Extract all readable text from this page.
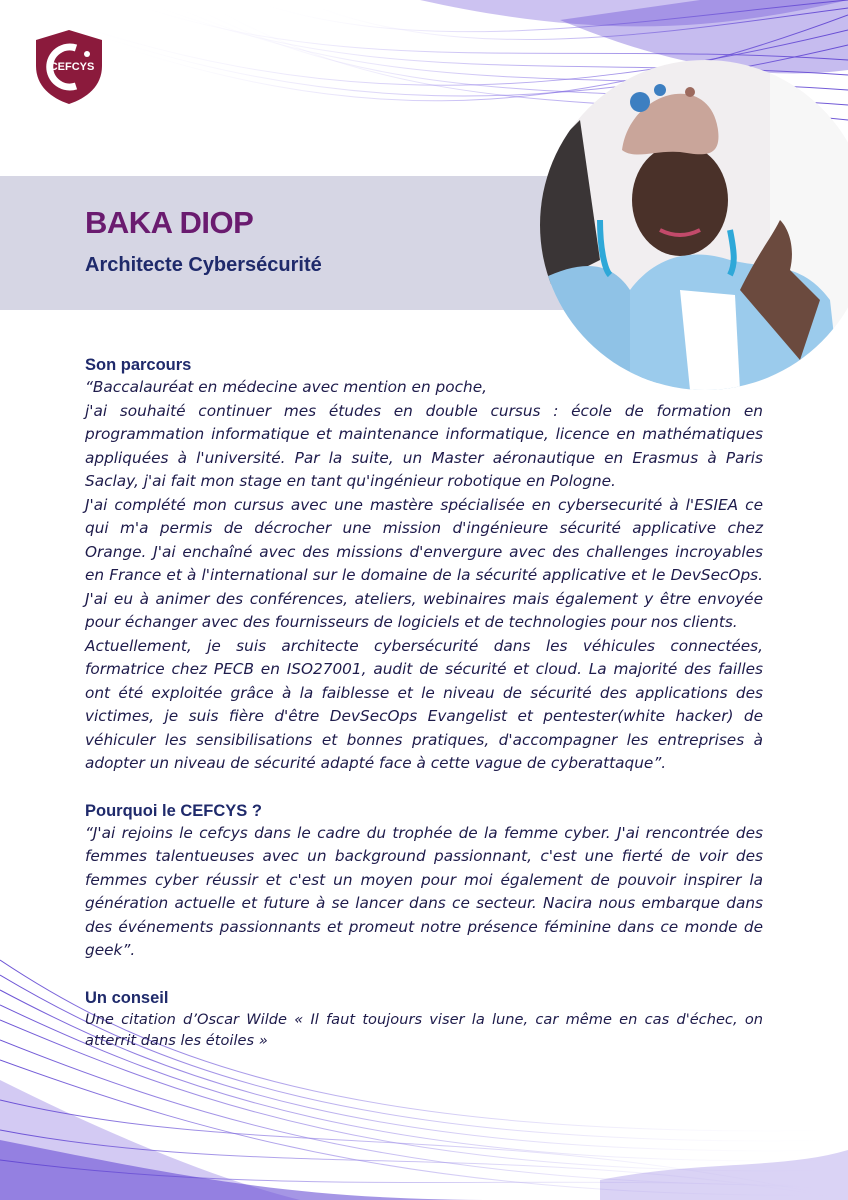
CEFCYS
BAKA DIOP
Architecte Cybersécurité
Son parcours

“Baccalauréat en médecine avec mention en poche,

j'ai souhaité continuer mes études en double cursus : école de formation en programmation informatique et maintenance informatique, licence en mathématiques appliquées à l'université. Par la suite, un Master aéronautique en Erasmus à Paris Saclay, j'ai fait mon stage en tant qu'ingénieur robotique en Pologne.

J'ai complété mon cursus avec une mastère spécialisée en cybersecurité à l'ESIEA ce qui m'a permis de décrocher une mission d'ingénieure sécurité applicative chez Orange. J'ai enchaîné avec des missions d'envergure avec des challenges incroyables en France et à l'international sur le domaine de la sécurité applicative et le DevSecOps. J'ai eu à animer des conférences, ateliers, webinaires mais également y être envoyée pour échanger avec des fournisseurs de logiciels et de technologies pour nos clients.

Actuellement, je suis architecte cybersécurité dans les véhicules connectées, formatrice chez PECB en ISO27001, audit de sécurité et cloud. La majorité des failles ont été exploitée grâce à la faiblesse et le niveau de sécurité des applications des victimes, je suis fière d'être DevSecOps Evangelist et pentester(white hacker) de véhiculer les sensibilisations et bonnes pratiques, d'accompagner les entreprises à adopter un niveau de sécurité adapté face à cette vague de cyberattaque”.

Pourquoi le CEFCYS ?

“J'ai rejoins le cefcys dans le cadre du trophée de la femme cyber. J'ai rencontrée des femmes talentueuses avec un background passionnant, c'est une fierté de voir des femmes cyber réussir et c'est un moyen pour moi également de pouvoir inspirer la génération actuelle et future à se lancer dans ce secteur. Nacira nous embarque dans des événements passionnants et promeut notre présence féminine dans ce monde de geek”.

Un conseil

Une citation d’Oscar Wilde « Il faut toujours viser la lune, car même en cas d'échec, on atterrit dans les étoiles »
